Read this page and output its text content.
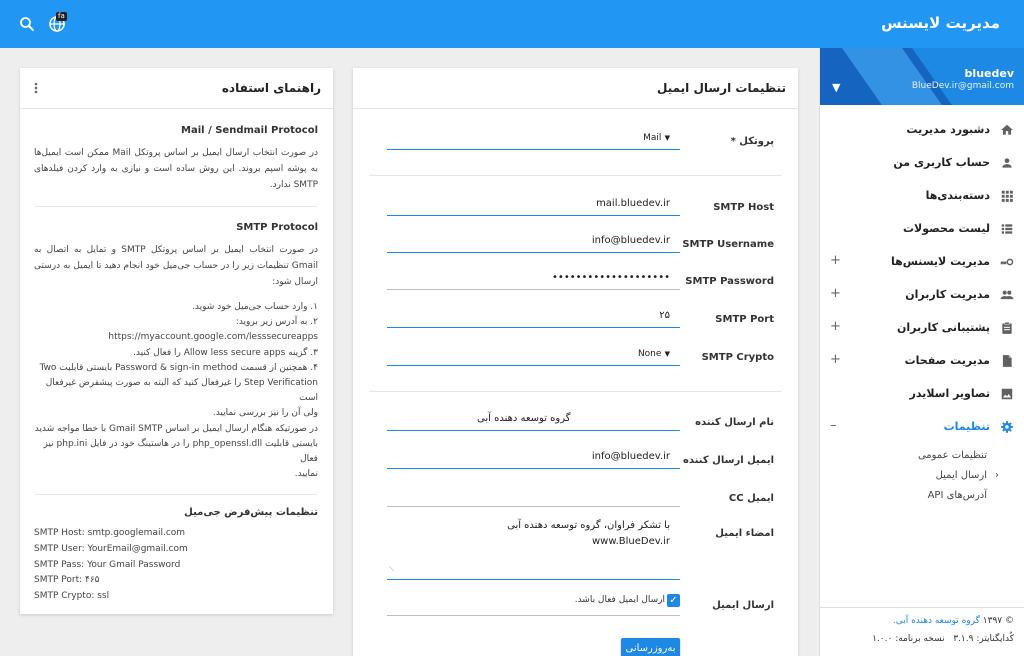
مدیریت لایسنس
fa
bluedev
BlueDev.ir@gmail.com
▼
دشبورد مدیریت
حساب کاربری من
دسته‌بندی‌ها
لیست محصولات
مدیریت لایسنس‌ها
+
مدیریت کاربران
+
پشتیبانی کاربران
+
مدیریت صفحات
+
تصاویر اسلایدر
تنظیمات
–
تنظیمات عمومی
‹
ارسال ایمیل
آدرس‌های API
© ۱۳۹۷ گروه توسعه دهنده آبی.
کُدایگنایتر: ۳.۱.۹   نسخه برنامه: ۱.۰.۰
تنظیمات ارسال ایمیل
پروتکل *
Mail ▼
SMTP Host
mail.bluedev.ir
SMTP Username
info@bluedev.ir
SMTP Password
••••••••••••••••••••
SMTP Port
۲۵
SMTP Crypto
None ▼
نام ارسال کننده
گروه توسعه دهنده آبی
ایمیل ارسال کننده
info@bluedev.ir
ایمیل CC
امضاء ایمیل
با تشکر فراوان، گروه توسعه دهنده آبی
www.BlueDev.ir
⟋
ارسال ایمیل
✓
ارسال ایمیل فعال باشد.
به‌روزرسانی
راهنمای استفاده
Mail / Sendmail Protocol
در صورت انتخاب ارسال ایمیل بر اساس پروتکل Mail ممکن است ایمیل‌ها به پوشه اسپم بروند. این روش ساده است و نیازی به وارد کردن فیلدهای SMTP ندارد.
SMTP Protocol
در صورت انتخاب ایمیل بر اساس پروتکل SMTP و تمایل به اتصال به Gmail تنظیمات زیر را در حساب جی‌میل خود انجام دهید تا ایمیل به درستی ارسال شود:
۱. وارد حساب جی‌میل خود شوید.
۲. به آدرس زیر بروید:
https://myaccount.google.com/lesssecureapps
۳. گزینه Allow less secure apps را فعال کنید.
۴. همچنین از قسمت Password & sign-in method بایستی قابلیت Two
Step Verification را غیرفعال کنید که البته به صورت پیشفرض غیرفعال است
ولی آن را نیز بررسی نمایید.
در صورتیکه هنگام ارسال ایمیل بر اساس Gmail SMTP با خطا مواجه شدید
بایستی قابلیت php_openssl.dll را در هاستینگ خود در فایل php.ini نیز فعال
نمایید.
تنظیمات پیش‌فرض جی‌میل
SMTP Host: smtp.googlemail.com
SMTP User: YourEmail@gmail.com
SMTP Pass: Your Gmail Password
SMTP Port: ۴۶۵
SMTP Crypto: ssl
